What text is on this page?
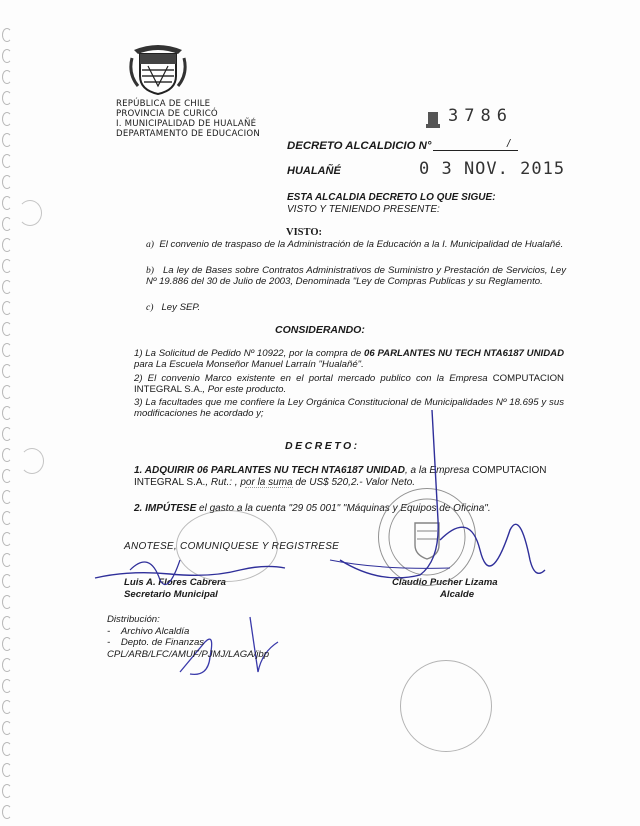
REPÚBLICA DE CHILE
PROVINCIA DE CURICÓ
I. MUNICIPALIDAD DE HUALAÑÉ
DEPARTAMENTO DE EDUCACION
3786
DECRETO ALCALDICIO N°	/
HUALAÑÉ	0 3 NOV. 2015
ESTA ALCALDIA DECRETO LO QUE SIGUE:
VISTO Y TENIENDO PRESENTE:
VISTO:
a) El convenio de traspaso de la Administración de la Educación a la I. Municipalidad de Hualañé.
b) La ley de Bases sobre Contratos Administrativos de Suministro y Prestación de Servicios, Ley Nº 19.886 del 30 de Julio de 2003, Denominada "Ley de Compras Publicas y su Reglamento.
c) Ley SEP.
CONSIDERANDO:
1) La Solicitud de Pedido Nº 10922, por la compra de 06 PARLANTES NU TECH NTA6187 UNIDAD para La Escuela Monseñor Manuel Larraín "Hualañé".
2) El convenio Marco existente en el portal mercado publico con la Empresa COMPUTACION INTEGRAL S.A., Por este producto.
3) La facultades que me confiere la Ley Orgánica Constitucional de Municipalidades Nº 18.695 y sus modificaciones he acordado y;
DECRETO:
1. ADQUIRIR 06 PARLANTES NU TECH NTA6187 UNIDAD, a la Empresa COMPUTACION INTEGRAL S.A., Rut.: , por la suma de US$ 520,2.- Valor Neto.
2. IMPÚTESE el gasto a la cuenta "29 05 001" "Máquinas y Equipos de Oficina".
ANOTESE, COMUNIQUESE Y REGISTRESE
Luis A. Flores Cabrera
Secretario Municipal
Claudio Pucher Lizama
Alcalde
Distribución:
- Archivo Alcaldía
- Depto. de Finanzas
CPL/ARB/LFC/AMUF/PJMJ/LAGA/jbp
